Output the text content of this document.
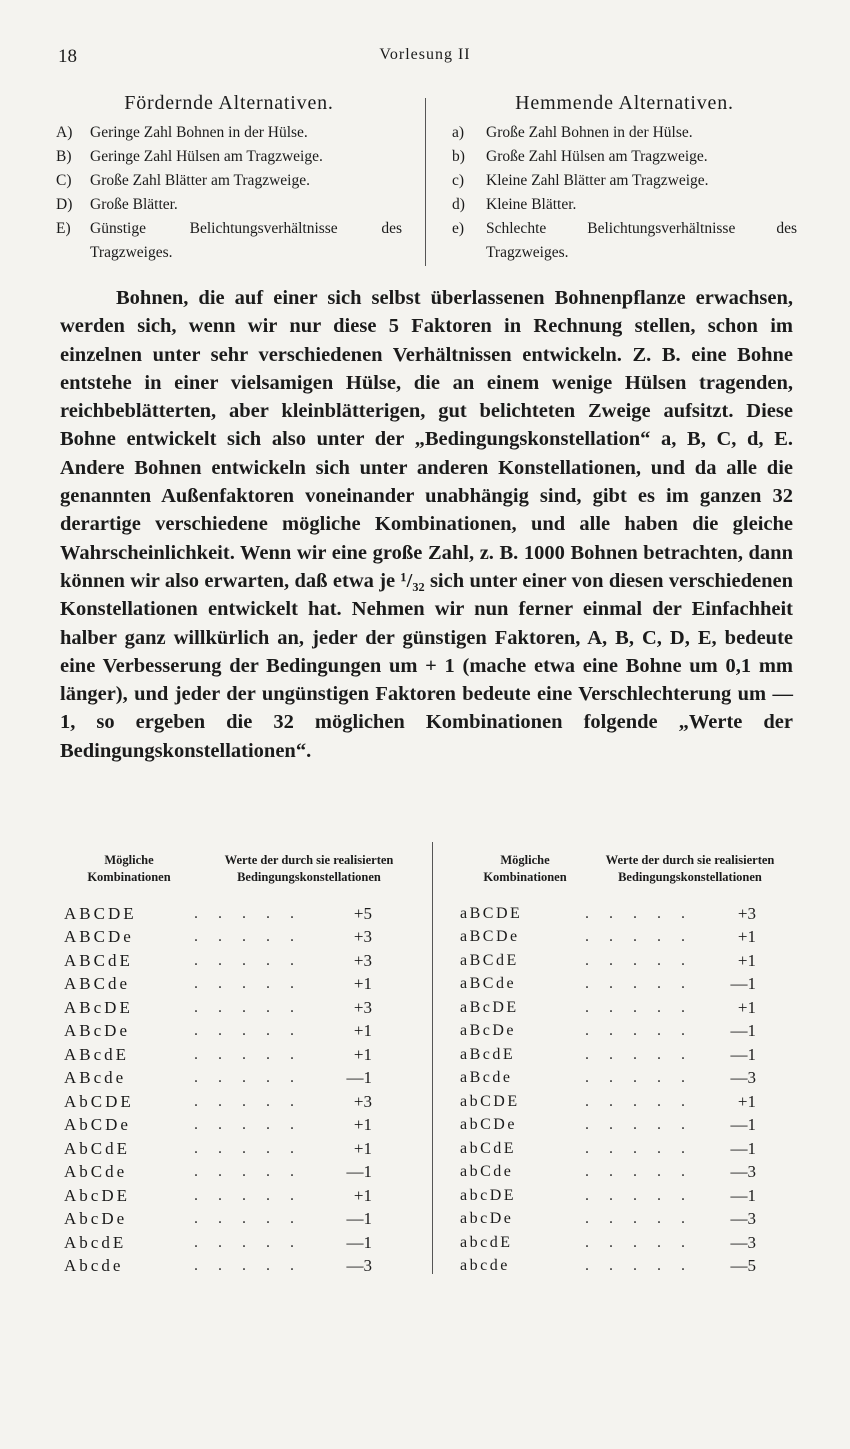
18	Vorlesung II
Fördernde Alternativen.
A)	Geringe Zahl Bohnen in der Hülse.
B)	Geringe Zahl Hülsen am Tragzweige.
C)	Große Zahl Blätter am Tragzweige.
D)	Große Blätter.
E)	Günstige Belichtungsverhältnisse des Tragzweiges.
Hemmende Alternativen.
a)	Große Zahl Bohnen in der Hülse.
b)	Große Zahl Hülsen am Tragzweige.
c)	Kleine Zahl Blätter am Tragzweige.
d)	Kleine Blätter.
e)	Schlechte Belichtungsverhältnisse des Tragzweiges.

Bohnen, die auf einer sich selbst überlassenen Bohnenpflanze erwachsen, werden sich, wenn wir nur diese 5 Faktoren in Rechnung stellen, schon im einzelnen unter sehr verschiedenen Verhältnissen entwickeln. Z. B. eine Bohne entstehe in einer vielsamigen Hülse, die an einem wenige Hülsen tragenden, reichbeblätterten, aber kleinblätterigen, gut belichteten Zweige aufsitzt. Diese Bohne entwickelt sich also unter der „Bedingungskonstellation“ a, B, C, d, E. Andere Bohnen entwickeln sich unter anderen Konstellationen, und da alle die genannten Außenfaktoren voneinander unabhängig sind, gibt es im ganzen 32 derartige verschiedene mögliche Kombinationen, und alle haben die gleiche Wahrscheinlichkeit. Wenn wir eine große Zahl, z. B. 1000 Bohnen betrachten, dann können wir also erwarten, daß etwa je ¹/₃₂ sich unter einer von diesen verschiedenen Konstellationen entwickelt hat. Nehmen wir nun ferner einmal der Einfachheit halber ganz willkürlich an, jeder der günstigen Faktoren, A, B, C, D, E, bedeute eine Verbesserung der Bedingungen um + 1 (mache etwa eine Bohne um 0,1 mm länger), und jeder der ungünstigen Faktoren bedeute eine Verschlechterung um — 1, so ergeben die 32 möglichen Kombinationen folgende „Werte der Bedingungskonstellationen“.

Mögliche Kombinationen
Werte der durch sie realisierten Bedingungskonstellationen
ABCDE	. . . . .	+5
ABCDe	. . . . .	+3
ABCdE	. . . . .	+3
ABCde	. . . . .	+1
ABcDE	. . . . .	+3
ABcDe	. . . . .	+1
ABcdE	. . . . .	+1
ABcde	. . . . .	—1
AbCDE	. . . . .	+3
AbCDe	. . . . .	+1
AbCdE	. . . . .	+1
AbCde	. . . . .	—1
AbcDE	. . . . .	+1
AbcDe	. . . . .	—1
AbcdE	. . . . .	—1
Abcde	. . . . .	—3
Mögliche Kombinationen
Werte der durch sie realisierten Bedingungskonstellationen
aBCDE	. . . . .	+3
aBCDe	. . . . .	+1
aBCdE	. . . . .	+1
aBCde	. . . . .	—1
aBcDE	. . . . .	+1
aBcDe	. . . . .	—1
aBcdE	. . . . .	—1
aBcde	. . . . .	—3
abCDE	. . . . .	+1
abCDe	. . . . .	—1
abCdE	. . . . .	—1
abCde	. . . . .	—3
abcDE	. . . . .	—1
abcDe	. . . . .	—3
abcdE	. . . . .	—3
abcde	. . . . .	—5
